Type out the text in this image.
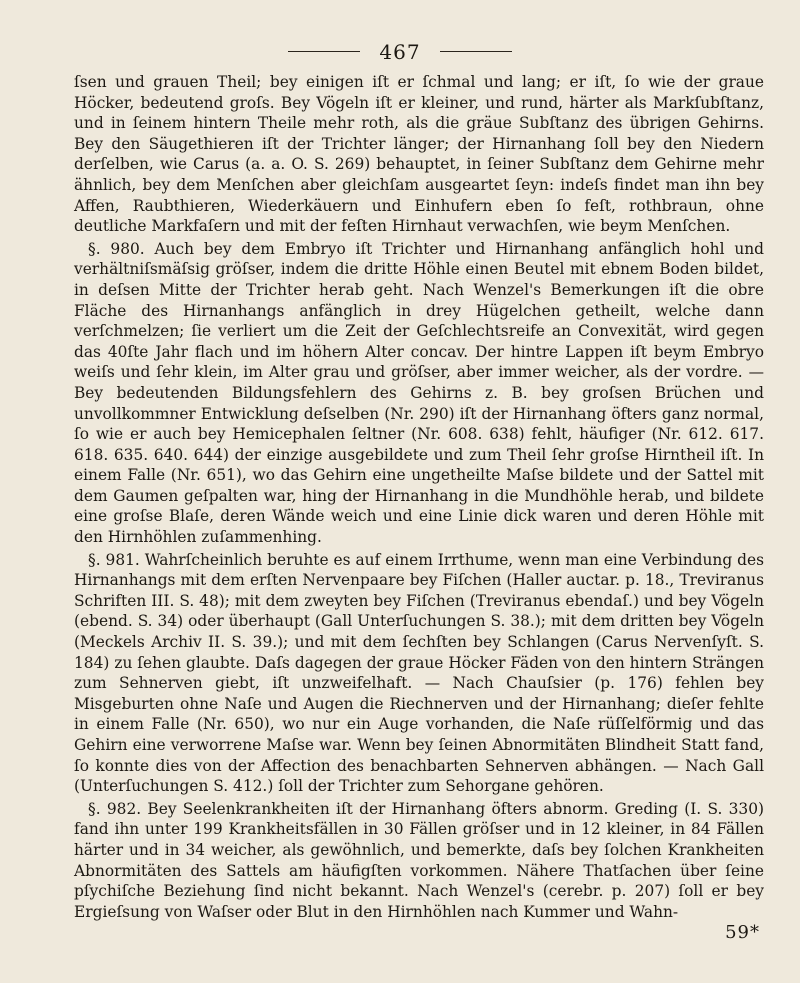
467

ſsen und grauen Theil; bey einigen iſt er ſchmal und lang; er iſt, ſo wie der graue Höcker, bedeutend groſs. Bey Vögeln iſt er kleiner, und rund, härter als Markſubſtanz, und in ſeinem hintern Theile mehr roth, als die gräue Subſtanz des übrigen Gehirns. Bey den Säugethieren iſt der Trichter länger; der Hirnanhang ſoll bey den Niedern derſelben, wie Carus (a. a. O. S. 269) behauptet, in ſeiner Subſtanz dem Gehirne mehr ähnlich, bey dem Menſchen aber gleichſam ausgeartet ſeyn: indeſs findet man ihn bey Affen, Raubthieren, Wiederkäuern und Einhufern eben ſo feſt, rothbraun, ohne deutliche Markfaſern und mit der feſten Hirnhaut verwachſen, wie beym Menſchen.

§. 980. Auch bey dem Embryo iſt Trichter und Hirnanhang anfänglich hohl und verhältniſsmäſsig gröſser, indem die dritte Höhle einen Beutel mit ebnem Boden bildet, in deſsen Mitte der Trichter herab geht. Nach Wenzel's Bemerkungen iſt die obre Fläche des Hirnanhangs anfänglich in drey Hügelchen getheilt, welche dann verſchmelzen; ſie verliert um die Zeit der Geſchlechtsreife an Convexität, wird gegen das 40ſte Jahr flach und im höhern Alter concav. Der hintre Lappen iſt beym Embryo weiſs und ſehr klein, im Alter grau und gröſser, aber immer weicher, als der vordre. — Bey bedeutenden Bildungsfehlern des Gehirns z. B. bey groſsen Brüchen und unvollkommner Entwicklung deſselben (Nr. 290) iſt der Hirnanhang öfters ganz normal, ſo wie er auch bey Hemicephalen ſeltner (Nr. 608. 638) fehlt, häufiger (Nr. 612. 617. 618. 635. 640. 644) der einzige ausgebildete und zum Theil ſehr groſse Hirntheil iſt. In einem Falle (Nr. 651), wo das Gehirn eine ungetheilte Maſse bildete und der Sattel mit dem Gaumen geſpalten war, hing der Hirnanhang in die Mundhöhle herab, und bildete eine groſse Blaſe, deren Wände weich und eine Linie dick waren und deren Höhle mit den Hirnhöhlen zuſammenhing.

§. 981. Wahrſcheinlich beruhte es auf einem Irrthume, wenn man eine Verbindung des Hirnanhangs mit dem erſten Nervenpaare bey Fiſchen (Haller auctar. p. 18., Treviranus Schriften III. S. 48); mit dem zweyten bey Fiſchen (Treviranus ebendaſ.) und bey Vögeln (ebend. S. 34) oder überhaupt (Gall Unterſuchungen S. 38.); mit dem dritten bey Vögeln (Meckels Archiv II. S. 39.); und mit dem ſechſten bey Schlangen (Carus Nervenſyſt. S. 184) zu ſehen glaubte. Daſs dagegen der graue Höcker Fäden von den hintern Strängen zum Sehnerven giebt, iſt unzweifelhaft. — Nach Chauſsier (p. 176) fehlen bey Misgeburten ohne Naſe und Augen die Riechnerven und der Hirnanhang; dieſer fehlte in einem Falle (Nr. 650), wo nur ein Auge vorhanden, die Naſe rüſſelförmig und das Gehirn eine verworrene Maſse war. Wenn bey ſeinen Abnormitäten Blindheit Statt fand, ſo konnte dies von der Affection des benachbarten Sehnerven abhängen. — Nach Gall (Unterſuchungen S. 412.) ſoll der Trichter zum Sehorgane gehören.

§. 982. Bey Seelenkrankheiten iſt der Hirnanhang öfters abnorm. Greding (I. S. 330) fand ihn unter 199 Krankheitsfällen in 30 Fällen gröſser und in 12 kleiner, in 84 Fällen härter und in 34 weicher, als gewöhnlich, und bemerkte, daſs bey ſolchen Krankheiten Abnormitäten des Sattels am häufigſten vorkommen. Nähere Thatſachen über ſeine pſychiſche Beziehung ſind nicht bekannt. Nach Wenzel's (cerebr. p. 207) ſoll er bey Ergieſsung von Waſser oder Blut in den Hirnhöhlen nach Kummer und Wahn-

59*
